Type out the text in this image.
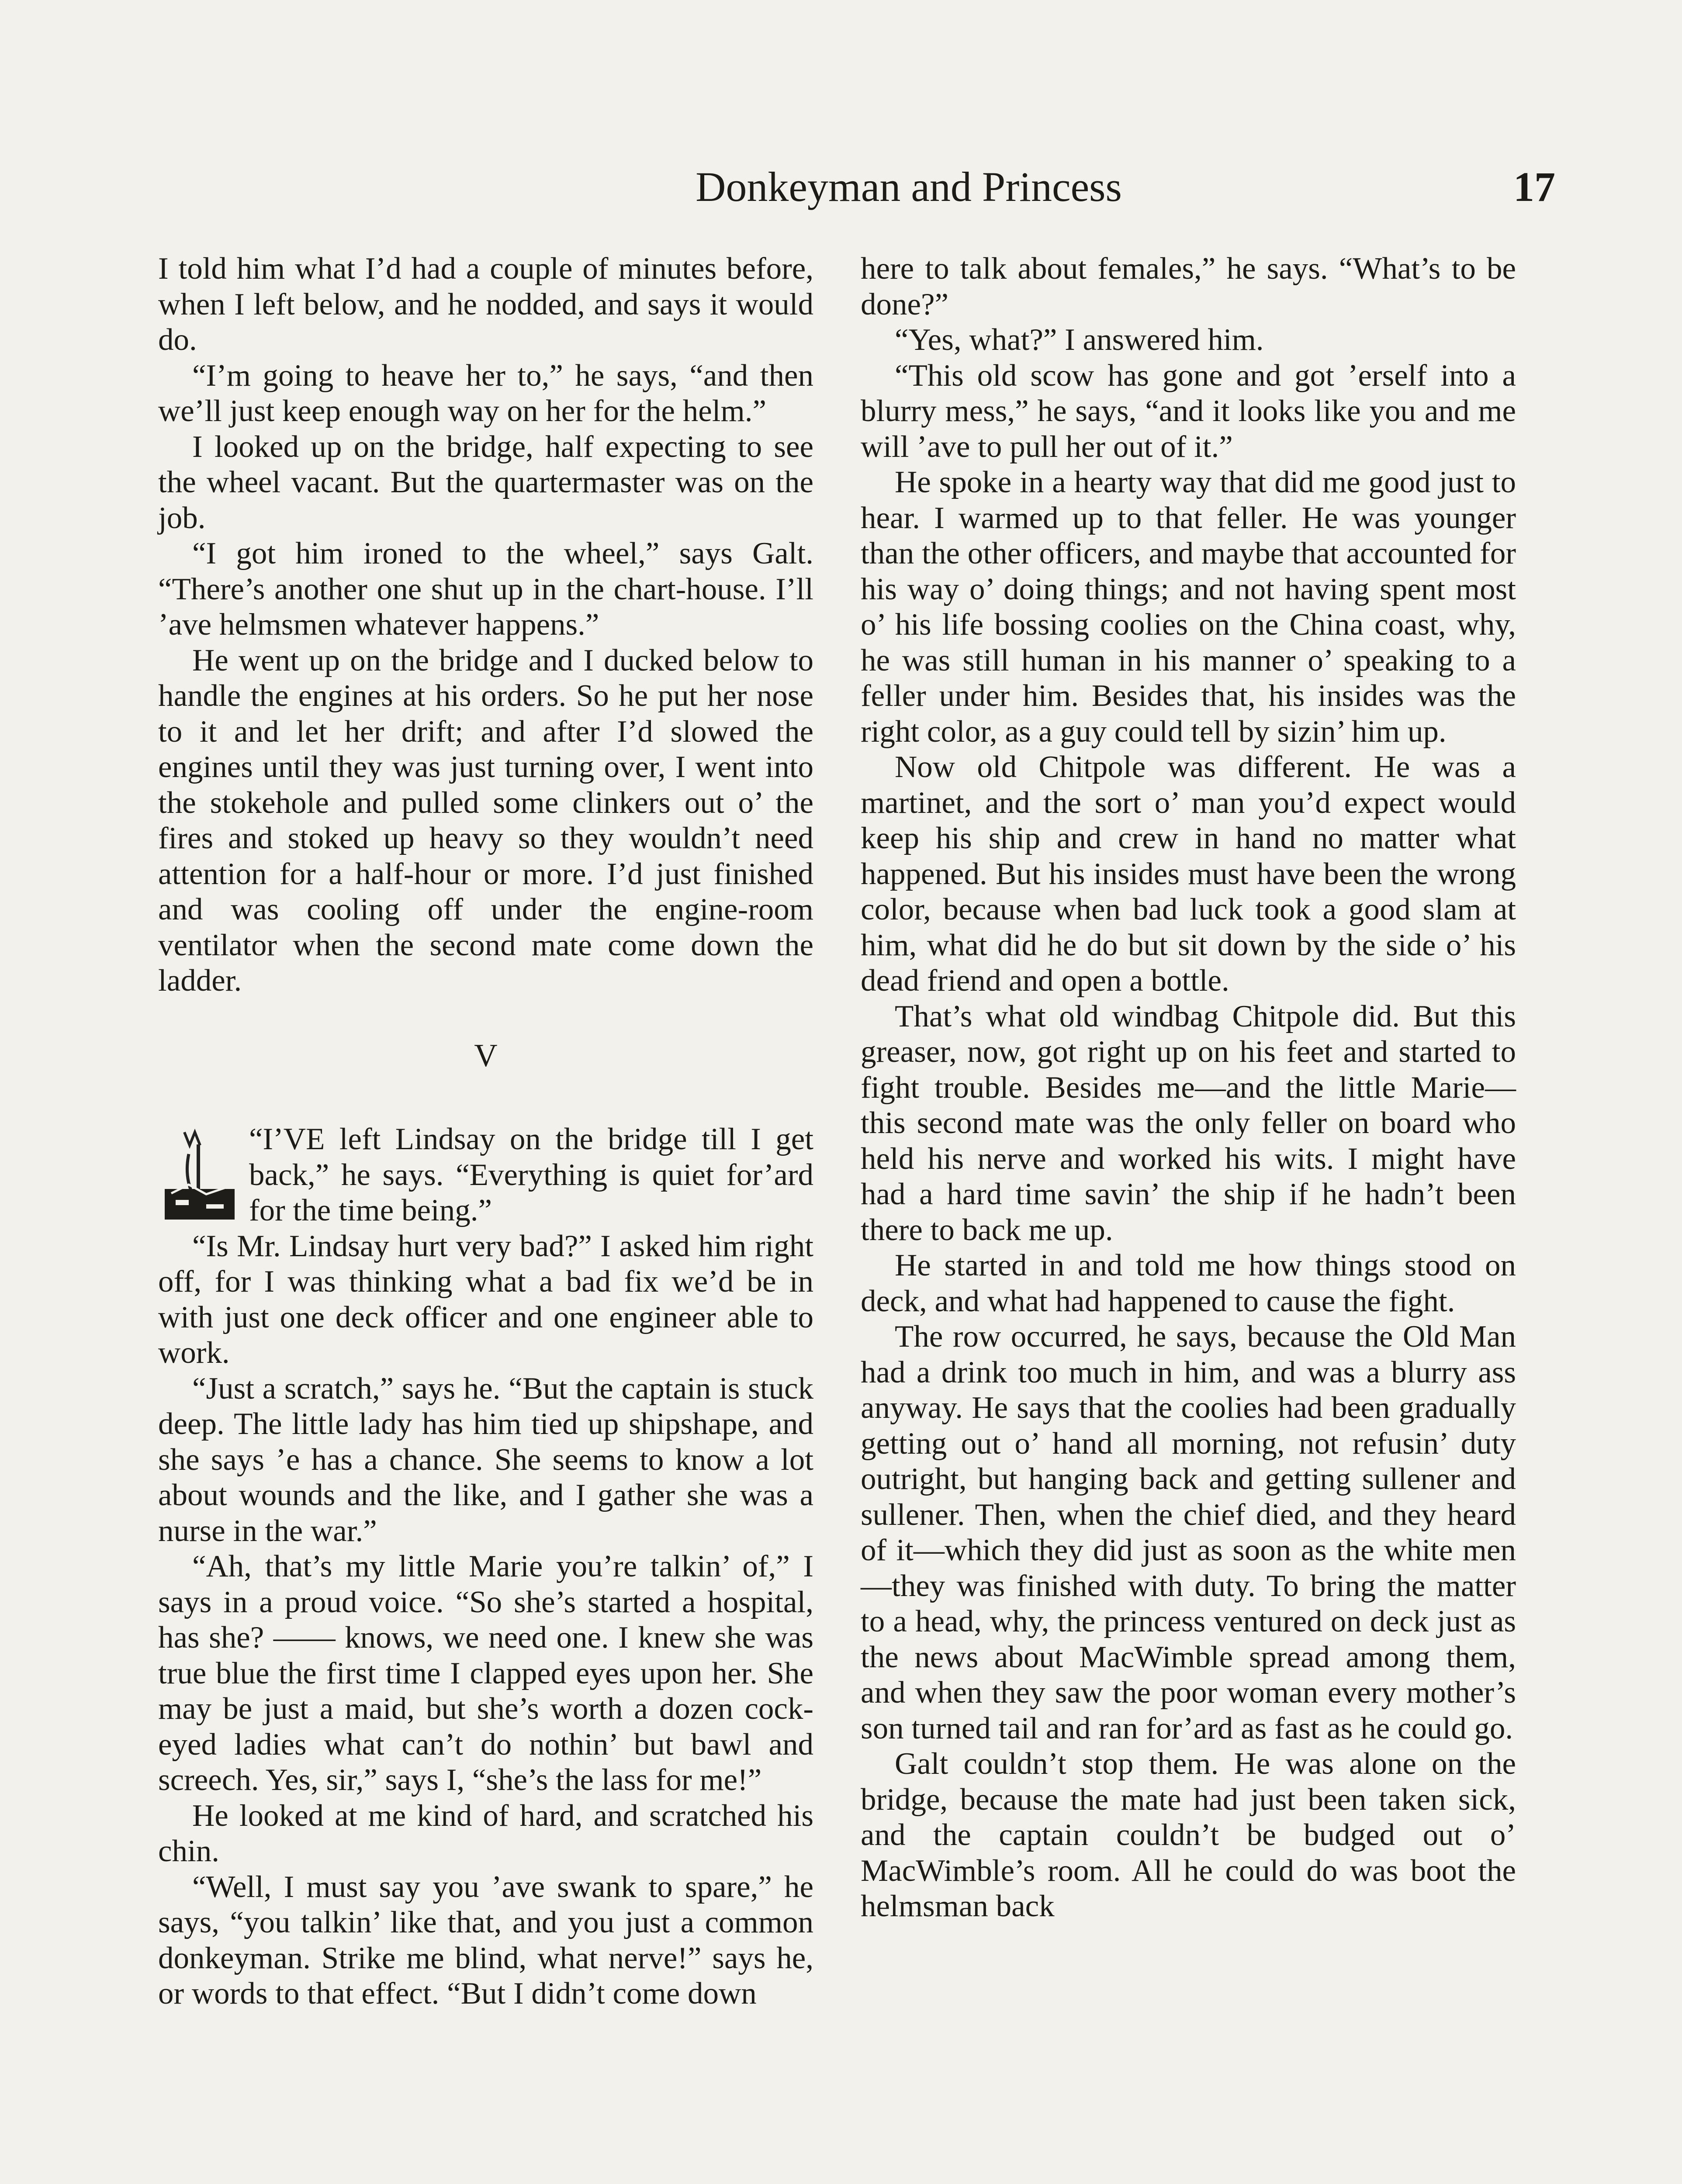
Donkeyman and Princess	17

I told him what I’d had a couple of minutes before, when I left below, and he nodded, and says it would do.

“I’m going to heave her to,” he says, “and then we’ll just keep enough way on her for the helm.”

I looked up on the bridge, half expecting to see the wheel vacant. But the quartermaster was on the job.

“I got him ironed to the wheel,” says Galt. “There’s another one shut up in the chart-house. I’ll ’ave helmsmen whatever happens.”

He went up on the bridge and I ducked below to handle the engines at his orders. So he put her nose to it and let her drift; and after I’d slowed the engines until they was just turning over, I went into the stokehole and pulled some clinkers out o’ the fires and stoked up heavy so they wouldn’t need attention for a half-hour or more. I’d just finished and was cooling off under the engine-room ventilator when the second mate come down the ladder.

V

“I’VE left Lindsay on the bridge till I get back,” he says. “Everything is quiet for’ard for the time being.”

“Is Mr. Lindsay hurt very bad?” I asked him right off, for I was thinking what a bad fix we’d be in with just one deck officer and one engineer able to work.

“Just a scratch,” says he. “But the captain is stuck deep. The little lady has him tied up shipshape, and she says ’e has a chance. She seems to know a lot about wounds and the like, and I gather she was a nurse in the war.”

“Ah, that’s my little Marie you’re talkin’ of,” I says in a proud voice. “So she’s started a hospital, has she? —— knows, we need one. I knew she was true blue the first time I clapped eyes upon her. She may be just a maid, but she’s worth a dozen cock-eyed ladies what can’t do nothin’ but bawl and screech. Yes, sir,” says I, “she’s the lass for me!”

He looked at me kind of hard, and scratched his chin.

“Well, I must say you ’ave swank to spare,” he says, “you talkin’ like that, and you just a common donkeyman. Strike me blind, what nerve!” says he, or words to that effect. “But I didn’t come down

here to talk about females,” he says. “What’s to be done?”

“Yes, what?” I answered him.

“This old scow has gone and got ’erself into a blurry mess,” he says, “and it looks like you and me will ’ave to pull her out of it.”

He spoke in a hearty way that did me good just to hear. I warmed up to that feller. He was younger than the other officers, and maybe that accounted for his way o’ doing things; and not having spent most o’ his life bossing coolies on the China coast, why, he was still human in his manner o’ speaking to a feller under him. Besides that, his insides was the right color, as a guy could tell by sizin’ him up.

Now old Chitpole was different. He was a martinet, and the sort o’ man you’d expect would keep his ship and crew in hand no matter what happened. But his insides must have been the wrong color, because when bad luck took a good slam at him, what did he do but sit down by the side o’ his dead friend and open a bottle.

That’s what old windbag Chitpole did. But this greaser, now, got right up on his feet and started to fight trouble. Besides me—and the little Marie—this second mate was the only feller on board who held his nerve and worked his wits. I might have had a hard time savin’ the ship if he hadn’t been there to back me up.

He started in and told me how things stood on deck, and what had happened to cause the fight.

The row occurred, he says, because the Old Man had a drink too much in him, and was a blurry ass anyway. He says that the coolies had been gradually getting out o’ hand all morning, not refusin’ duty outright, but hanging back and getting sullener and sullener. Then, when the chief died, and they heard of it—which they did just as soon as the white men—they was finished with duty. To bring the matter to a head, why, the princess ventured on deck just as the news about MacWimble spread among them, and when they saw the poor woman every mother’s son turned tail and ran for’ard as fast as he could go.

Galt couldn’t stop them. He was alone on the bridge, because the mate had just been taken sick, and the captain couldn’t be budged out o’ MacWimble’s room. All he could do was boot the helmsman back
